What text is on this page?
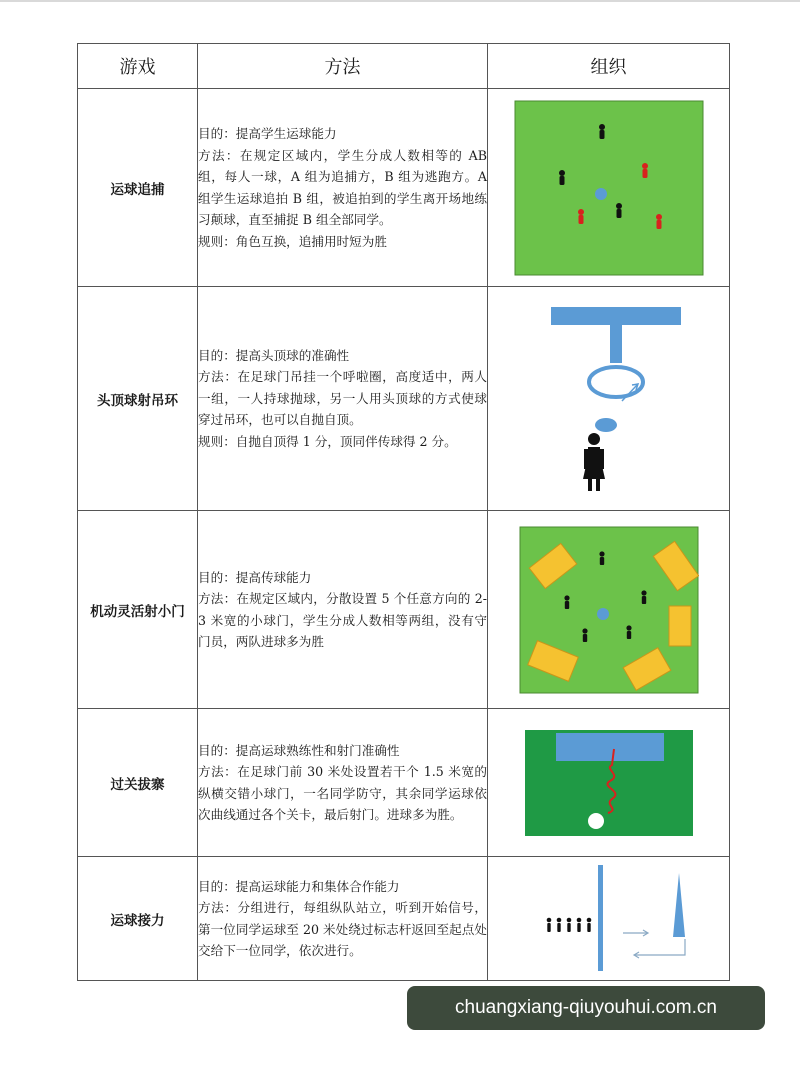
游戏	方法	组织
运球追捕	目的：提高学生运球能力
方法：在规定区域内，学生分成人数相等的 AB 组，每人一球，A 组为追捕方，B 组为逃跑方。A 组学生运球追拍 B 组，被追拍到的学生离开场地练习颠球，直至捕捉 B 组全部同学。
规则：角色互换，追捕用时短为胜

头顶球射吊环	目的：提高头顶球的准确性
方法：在足球门吊挂一个呼啦圈，高度适中，两人一组，一人持球抛球，另一人用头顶球的方式使球穿过吊环，也可以自抛自顶。
规则：自抛自顶得 1 分，顶同伴传球得 2 分。

机动灵活射小门	目的：提高传球能力
方法：在规定区域内，分散设置 5 个任意方向的 2-3 米宽的小球门，学生分成人数相等两组，没有守门员，两队进球多为胜

过关拔寨	目的：提高运球熟练性和射门准确性
方法：在足球门前 30 米处设置若干个 1.5 米宽的纵横交错小球门，一名同学防守，其余同学运球依次曲线通过各个关卡，最后射门。进球多为胜。

运球接力	目的：提高运球能力和集体合作能力
方法：分组进行，每组纵队站立，听到开始信号，第一位同学运球至 20 米处绕过标志杆返回至起点处交给下一位同学，依次进行。

chuangxiang-qiuyouhui.com.cn
